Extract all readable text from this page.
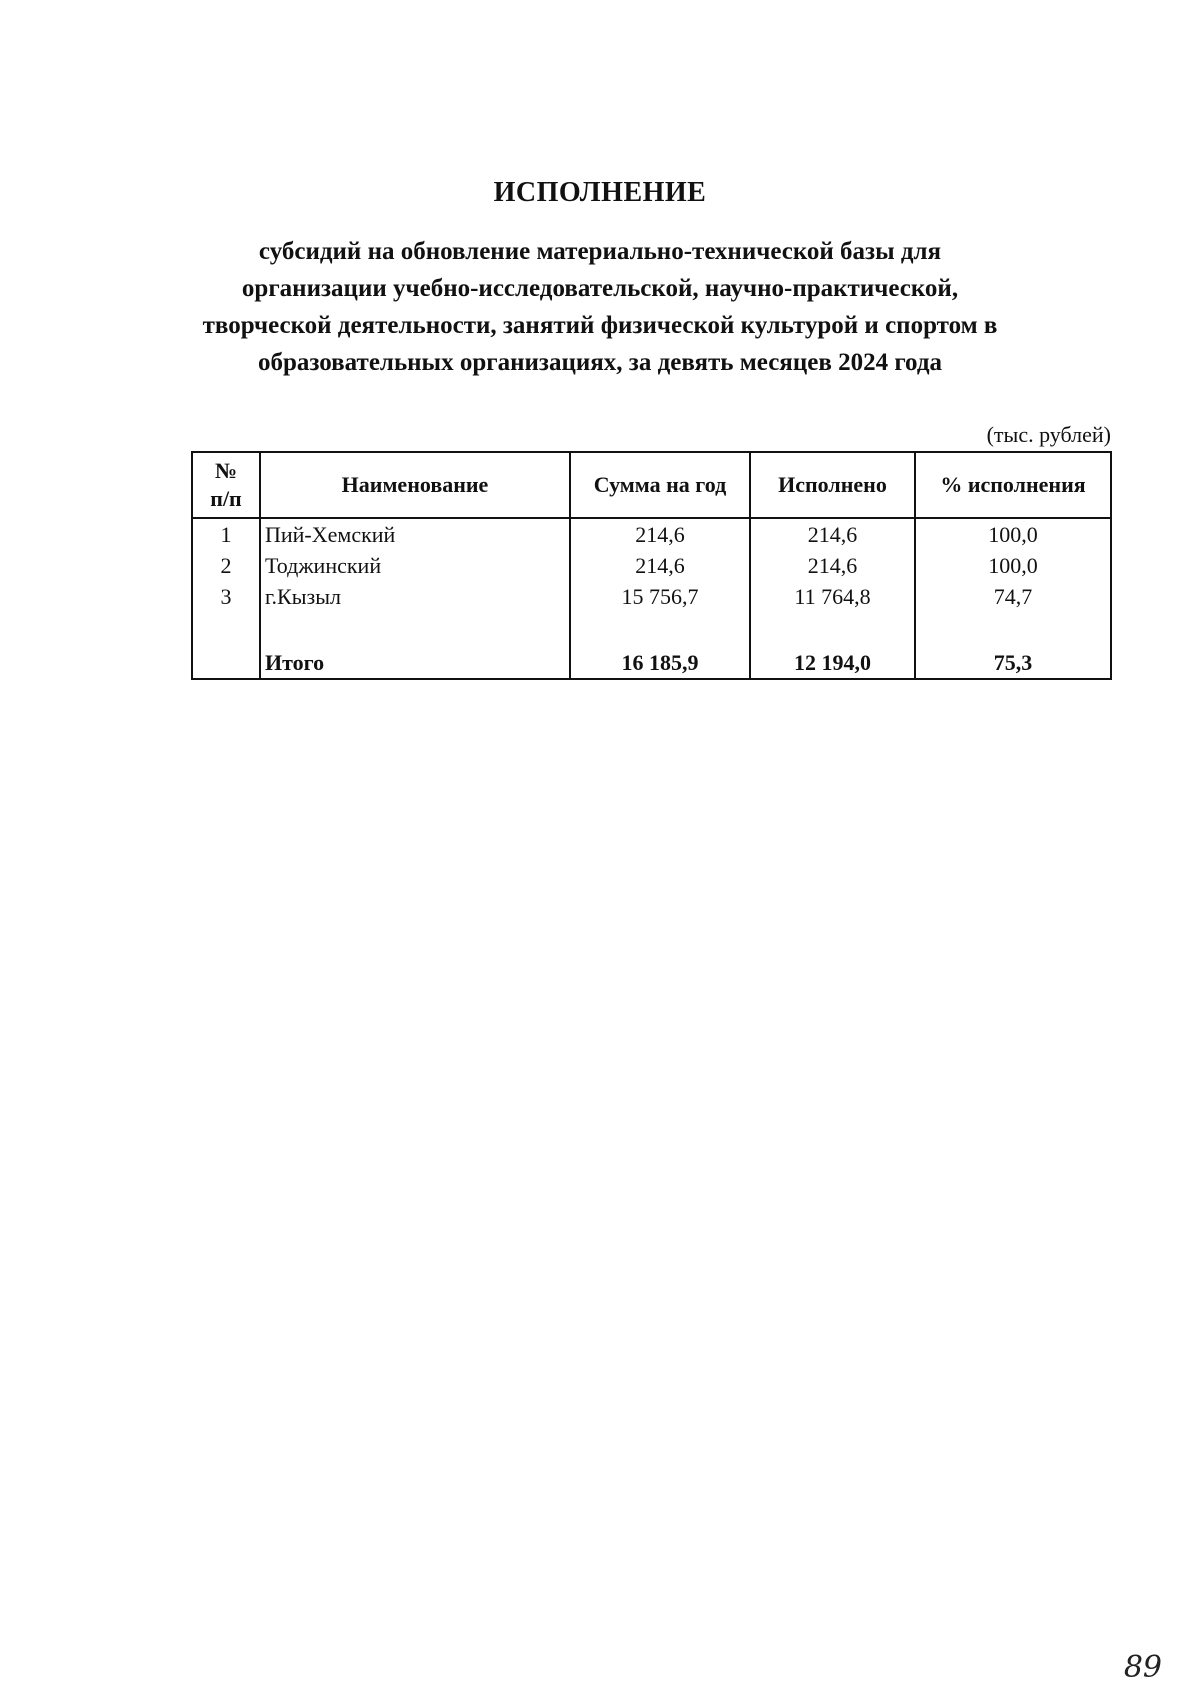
ИСПОЛНЕНИЕ
субсидий на обновление материально-технической базы для
организации учебно-исследовательской, научно-практической,
творческой деятельности, занятий физической культурой и спортом в
образовательных организациях, за девять месяцев 2024 года
(тыс. рублей)
№
п/п	Наименование	Сумма на год	Исполнено	% исполнения
1	Пий-Хемский	214,6	214,6	100,0
2	Тоджинский	214,6	214,6	100,0
3	г.Кызыл	15 756,7	11 764,8	74,7

	Итого	16 185,9	12 194,0	75,3
89
